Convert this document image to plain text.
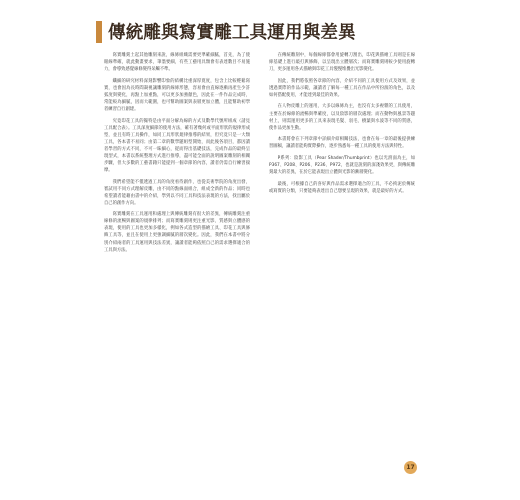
傳統雕與寫實雕工具運用與差異

寫實雕刻土起其他雕刻來說，線條組織需要更準確細膩，首先，為了使眼線準確，就此動畫要求，筆墨要細，有些工藝用具類會有表達數目不易施力，會導致感覺線條變得呆觸不準。

纖細的研究材料深刻影響印象的結構比重深厚寬度，包含上比較輕鬆寫實，也會因為長時間凝視讓雕刻的線條形態，容易會由直線逐漸再產生少許弧度與變化，再點上加重點，可以更多加強顏色，因此在一件作品完成時，常能較為細膩，因而大範圍，也可幫助圖案與表層更加立體，且能幫助初學者練習自行創建。

究竟印花工具的獨特是由平面分解為線的方式及數學代號所組成（請見工具配合表）。工具深度細節的使用方法，確有著幾何或平面形狀的規律形成型，並且有時工具操作，如同工具形狀規律推導的結果，但究竟只是一大類工具，各本書不易同；由第二章的數學題組型開始，而此後各項目，都因讀者學習的方式不同，不可一昧細心，從而得出基礎技法，完成作品的最終呈現型式，本書以系統整理方式進行推導，盡可能全面的說明圖案雕刻的相關步驟，但大多數的工藝書籍只能提到一個章節的內容，讀者仍需自行練習揣摩。

我們希望能不僅透過工具的角度看待創作，也從美術學院的角度出發，嘗試用不同方式理解皮雕，由不同的點線面組合，組成全新的作品；同時也希望讀者能藉由書中的介紹，學到以不同工具和技法表現的方法，找出屬於自己的創作方向。

寫實雕刻在工具運用和處理上與傳統雕刻有很大的差異，傳統雕刻注重線條的流暢與圖案的規律排列；而寫實雕刻則更注重光影、質感與立體感的表現，使用的工具也更加多樣化，例如各式造型的描繪工具、印花工具與修飾工具等，並且在使用上更強調細膩的層次變化。因此，我們在本書中將分別介紹兩者的工具運用與技法差異，讓讀者能夠依照自己的需求選擇適合的工具與方法。

在傳統雕刻中，每個線條都會用旋轉刀割出，印花與描繪工具則是在線條基礎上進行敲打與修飾，以呈現出立體層次；而寫實雕刻則較少使用旋轉刀，更多運用各式描繪與印花工具慢慢堆疊出光影變化。

因此，我們將依照各章節的內容，介紹不同的工具使用方式及效果，並透過實際的作品示範，讓讀者了解每一種工具在作品中所扮演的角色，以及如何搭配使用，才能達到最佳的效果。

在人物皮雕上的運用，大多以線條為主，也沒有太多複雜的工具使用，主要在於線條的流暢與準確度，以及陰影的層次處理；而在動物與風景等題材上，則需運用更多的工具來表現毛髮、羽毛、樹葉與水波等不同的質感，使作品更加生動。

本書將會在下列章節中詳細介紹相關技法，也會在每一章的最後提供練習圖稿，讓讀者能夠實際操作，逐步熟悉每一種工具的使用方法與特性。

P系列：陰影工具（Pear Shader/Thumbprint）也以光滑面為主，如P367、P208、P206、P236、P972，也就是說刻的深淺效果更，與傳統雕刻最大的差異，在於它能表現出立體與光影的漸層變化。

最後，可根據自己的喜好與作品需求選擇適合的工具，不必拘泥於傳統或寫實的分類，只要能夠表達出自己想要呈現的效果，就是最好的方式。

17
